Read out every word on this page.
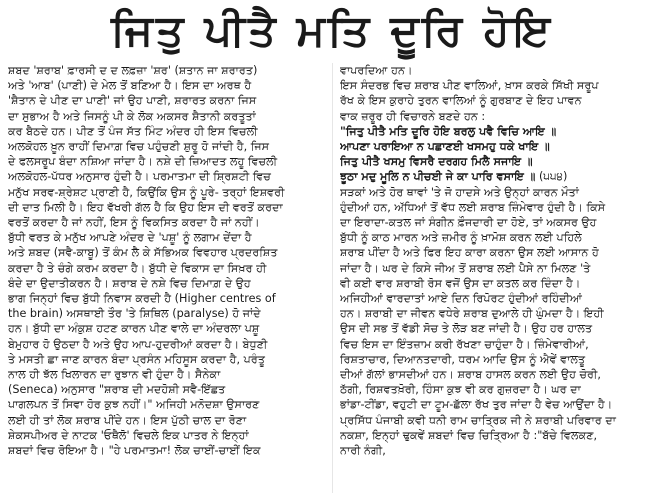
ਜਿਤੁ ਪੀਤੈ ਮਤਿ ਦੂਰਿ ਹੋਇ
ਸ਼ਬਦ 'ਸ਼ਰਾਬ' ਫ਼ਾਰਸੀ ਦ ਦ ਲਫ਼ਜ਼ਾ 'ਸ਼ਰ' (ਸ਼ਤਾਨ ਜਾ ਸ਼ਰਾਰਤ)
ਅਤੇ 'ਆਬ' (ਪਾਣੀ) ਦੇ ਮੇਲ ਤੋਂ ਬਣਿਆ ਹੈ। ਇਸ ਦਾ ਅਰਥ ਹੈ
'ਸ਼ੈਤਾਨ ਦੇ ਪੀਣ ਦਾ ਪਾਣੀ' ਜਾਂ ਉਹ ਪਾਣੀ, ਸ਼ਰਾਰਤ ਕਰਨਾ ਜਿਸ
ਦਾ ਸੁਭਾਅ ਹੈ ਅਤੇ ਜਿਸਨੂੰ ਪੀ ਕੇ ਲੋਕ ਅਕਸਰ ਸ਼ੈਤਾਨੀ ਕਰਤੂਤਾਂ
ਕਰ ਬੈਠਦੇ ਹਨ। ਪੀਣ ਤੋਂ ਪੰਜ ਸੱਤ ਮਿੰਟ ਅੰਦਰ ਹੀ ਇਸ ਵਿਚਲੀ
ਅਲਕੋਹਲ ਖ਼ੂਨ ਰਾਹੀਂ ਦਿਮਾਗ਼ ਵਿਚ ਪਹੁੰਚਣੀ ਸ਼ੁਰੂ ਹੋ ਜਾਂਦੀ ਹੈ, ਜਿਸ
ਦੇ ਫਲਸਰੂਪ ਬੰਦਾ ਨਸ਼ਿਆ ਜਾਂਦਾ ਹੈ। ਨਸ਼ੇ ਦੀ ਜ਼ਿਆਦਤ ਲਹੂ ਵਿਚਲੀ
ਅਲਕੋਹਲ-ਪੱਧਰ ਅਨੁਸਾਰ ਹੁੰਦੀ ਹੈ। ਪਰਮਾਤਮਾ ਦੀ ਸ਼੍ਰਿਸ਼ਟੀ ਵਿਚ
ਮਨੁੱਖ ਸਰਵ-ਸ਼੍ਰੇਸ਼ਟ ਪ੍ਰਾਣੀ ਹੈ, ਕਿਉਂਕਿ ਉਸ ਨੂੰ ਪੂਰੇ- ਤਰ੍ਹਾਂ ਇਸ਼ਵਰੀ
ਦੀ ਦਾਤ ਮਿਲੀ ਹੈ। ਇਹ ਵੱਖਰੀ ਗੱਲ ਹੈ ਕਿ ਉਹ ਇਸ ਦੀ ਵਰਤੋਂ ਕਰਦਾ
ਵਰਤੋਂ ਕਰਦਾ ਹੈ ਜਾਂ ਨਹੀਂ, ਇਸ ਨੂੰ ਵਿਕਸਿਤ ਕਰਦਾ ਹੈ ਜਾਂ ਨਹੀਂ।
ਬੁੱਧੀ ਵਰਤ ਕੇ ਮਨੁੱਖ ਆਪਣੇ ਅੰਦਰ ਦੇ 'ਪਸ਼ੂ' ਨੂੰ ਲਗਾਮ ਦੇਂਦਾ ਹੈ
ਅਤੇ ਸ਼ਬਦ (ਸਵੈ-ਕਾਬੂ) ਤੋਂ ਕੰਮ ਲੈ ਕੇ ਸੱਭਿਅਕ ਵਿਵਹਾਰ ਪ੍ਰਦਰਸ਼ਿਤ
ਕਰਦਾ ਹੈ ਤੇ ਚੰਗੇ ਕਰਮ ਕਰਦਾ ਹੈ। ਬੁੱਧੀ ਦੇ ਵਿਕਾਸ ਦਾ ਸਿਖ਼ਰ ਹੀ
ਬੰਦੇ ਦਾ ਉਦਾਤੀਕਰਨ ਹੈ। ਸ਼ਰਾਬ ਦੇ ਨਸ਼ੇ ਵਿਚ ਦਿਮਾਗ਼ ਦੇ ਉਹ
ਭਾਗ ਜਿਨ੍ਹਾਂ ਵਿਚ ਬੁੱਧੀ ਨਿਵਾਸ ਕਰਦੀ ਹੈ (Higher centres of
the brain) ਅਸਥਾਈ ਤੌਰ 'ਤੇ ਸ਼ਿਥਿਲ (paralyse) ਹੋ ਜਾਂਦੇ
ਹਨ। ਬੁੱਧੀ ਦਾ ਅੰਕੁਸ਼ ਹਟਣ ਕਾਰਨ ਪੀਣ ਵਾਲੇ ਦਾ ਅੰਦਰਲਾ ਪਸ਼ੂ
ਬੇਮੁਹਾਰ ਹੋ ਉਠਦਾ ਹੈ ਅਤੇ ਉਹ ਆਪ-ਹੁਦਰੀਆਂ ਕਰਦਾ ਹੈ। ਬੇਧੁਣੀ
ਤੇ ਮਸਤੀ ਛਾ ਜਾਣ ਕਾਰਨ ਬੰਦਾ ਪ੍ਰਸੰਨ ਮਹਿਸੂਸ ਕਰਦਾ ਹੈ, ਪਰੰਤੂ
ਨਾਲ ਹੀ ਝੱਲ ਖਿਲਾਰਨ ਦਾ ਰੁਝਾਨ ਵੀ ਹੁੰਦਾ ਹੈ। ਸੈਨੇਕਾ
(Seneca) ਅਨੁਸਾਰ "ਸ਼ਰਾਬ ਦੀ ਮਦਹੋਸ਼ੀ ਸਵੈ-ਇੱਛਤ
ਪਾਗਲਪਨ ਤੋਂ ਸਿਵਾ ਹੋਰ ਕੁਝ ਨਹੀਂ।" ਅਜਿਹੀ ਮਨੋਦਸ਼ਾ ਉਸਾਰਣ
ਲਈ ਹੀ ਤਾਂ ਲੋਕ ਸ਼ਰਾਬ ਪੀਂਦੇ ਹਨ। ਇਸ ਪੁੱਠੀ ਚਾਲ ਦਾ ਰੋਣਾ
ਸ਼ੇਕਸਪੀਅਰ ਦੇ ਨਾਟਕ 'ਓਥੈਲੋ' ਵਿਚਲੇ ਇਕ ਪਾਤਰ ਨੇ ਇਨ੍ਹਾਂ
ਸ਼ਬਦਾਂ ਵਿਚ ਰੋਇਆ ਹੈ। "ਹੇ ਪਰਮਾਤਮਾ! ਲੋਕ ਚਾਈਂ-ਚਾਈਂ ਇਕ
ਵਾਪਰਦਿਆ ਹਨ।
ਇਸ ਸੰਦਰਭ ਵਿਚ ਸ਼ਰਾਬ ਪੀਣ ਵਾਲਿਆਂ, ਖ਼ਾਸ ਕਰਕੇ ਸਿੱਖੀ ਸਰੂਪ
ਰੱਖ ਕੇ ਇਸ ਕੁਰਾਹੇ ਤੁਰਨ ਵਾਲਿਆਂ ਨੂੰ ਗੁਰਬਾਣ ਦੇ ਇਹ ਪਾਵਨ
ਵਾਕ ਜ਼ਰੂਰ ਹੀ ਵਿਚਾਰਨੇ ਬਣਦੇ ਹਨ :
"ਜਿਤੁ ਪੀਤੈ ਮਤਿ ਦੂਰਿ ਹੋਇ ਬਰਲੁ ਪਵੈ ਵਿਚਿ ਆਇ ॥
ਆਪਣਾ ਪਰਾਇਆ ਨ ਪਛਾਣਈ ਖਸਮਹੁ ਧਕੇ ਖਾਇ ॥
ਜਿਤੁ ਪੀਤੈ ਖਸਮੁ ਵਿਸਰੈ ਦਰਗਹ ਮਿਲੈ ਸਜਾਇ ॥
ਝੂਠਾ ਮਦੁ ਮੂਲਿ ਨ ਪੀਚਈ ਜੇ ਕਾ ਪਾਰਿ ਵਸਾਇ ॥ (੫੫੪)
ਸੜਕਾਂ ਅਤੇ ਹੋਰ ਥਾਵਾਂ 'ਤੇ ਜੋ ਹਾਦਸੇ ਅਤੇ ਉਨ੍ਹਾਂ ਕਾਰਨ ਮੌਤਾਂ
ਹੁੰਦੀਆਂ ਹਨ, ਅੱਧਿਆਂ ਤੋਂ ਵੱਧ ਲਈ ਸ਼ਰਾਬ ਜ਼ਿੰਮੇਵਾਰ ਹੁੰਦੀ ਹੈ। ਕਿਸੇ
ਦਾ ਇਰਾਦਾ-ਕਤਲ ਜਾਂ ਸੰਗੀਨ ਫ਼ੌਜਦਾਰੀ ਦਾ ਹੋਏ, ਤਾਂ ਅਕਸਰ ਉਹ
ਬੁੱਧੀ ਨੂੰ ਕਾਠ ਮਾਰਨ ਅਤੇ ਜ਼ਮੀਰ ਨੂੰ ਖ਼ਾਮੋਸ਼ ਕਰਨ ਲਈ ਪਹਿਲੇ
ਸ਼ਰਾਬ ਪੀਂਦਾ ਹੈ ਅਤੇ ਫਿਰ ਇਹ ਕਾਰਾ ਕਰਨਾ ਉਸ ਲਈ ਆਸਾਨ ਹੋ
ਜਾਂਦਾ ਹੈ। ਘਰ ਦੇ ਕਿਸੇ ਜੀਅ ਤੋਂ ਸ਼ਰਾਬ ਲਈ ਪੈਸੇ ਨਾ ਮਿਲਣ 'ਤੇ
ਵੀ ਕਈ ਵਾਰ ਸ਼ਰਾਬੀ ਰੋਸ ਵਜੋਂ ਉਸ ਦਾ ਕਤਲ ਕਰ ਦਿੰਦਾ ਹੈ।
ਅਜਿਹੀਆਂ ਵਾਰਦਾਤਾਂ ਆਏ ਦਿਨ ਰਿਪੋਰਟ ਹੁੰਦੀਆਂ ਰਹਿੰਦੀਆਂ
ਹਨ। ਸ਼ਰਾਬੀ ਦਾ ਜੀਵਨ ਵਧੇਰੇ ਸ਼ਰਾਬ ਦੁਆਲੇ ਹੀ ਘੁੰਮਦਾ ਹੈ। ਇਹੀ
ਉਸ ਦੀ ਸਭ ਤੋਂ ਵੱਡੀ ਸੋਚ ਤੇ ਲੋੜ ਬਣ ਜਾਂਦੀ ਹੈ। ਉਹ ਹਰ ਹਾਲਤ
ਵਿਚ ਇਸ ਦਾ ਇੰਤਜ਼ਾਮ ਕਰੀ ਰੱਖਣਾ ਚਾਹੁੰਦਾ ਹੈ। ਜ਼ਿੰਮੇਵਾਰੀਆਂ,
ਰਿਸ਼ਤਾਚਾਰ, ਦਿਆਨਤਦਾਰੀ, ਧਰਮ ਆਦਿ ਉਸ ਨੂੰ ਐਵੇਂ ਵਾਲਤੂ
ਦੀਆਂ ਗੱਲਾਂ ਭਾਸਦੀਆਂ ਹਨ। ਸ਼ਰਾਬ ਹਾਸਲ ਕਰਨ ਲਈ ਉਹ ਚੋਰੀ,
ਠੱਗੀ, ਰਿਸ਼ਵਤਖ਼ੋਰੀ, ਹਿੰਸਾ ਕੁਝ ਵੀ ਕਰ ਗੁਜ਼ਰਦਾ ਹੈ। ਘਰ ਦਾ
ਭਾਂਡਾ-ਟੀਂਡਾ, ਵਹੁਟੀ ਦਾ ਟੂਮ-ਛੱਲਾ ਰੱਖ ਤੁਰ ਜਾਂਦਾ ਹੈ ਵੇਚ ਆਉਂਦਾ ਹੈ।
ਪ੍ਰਸਿੱਧ ਪੰਜਾਬੀ ਕਵੀ ਧਨੀ ਰਾਮ ਚਾਤ੍ਰਿਕ ਜੀ ਨੇ ਸ਼ਰਾਬੀ ਪਰਿਵਾਰ ਦਾ
ਨਕਸ਼ਾ, ਇਨ੍ਹਾਂ ਢੁਕਵੇਂ ਸ਼ਬਦਾਂ ਵਿਚ ਚਿਤ੍ਰਿਆ ਹੈ :"ਬੱਚੇ ਵਿਲਕਣ,
ਨਾਰੀ ਨੰਗੀ,
